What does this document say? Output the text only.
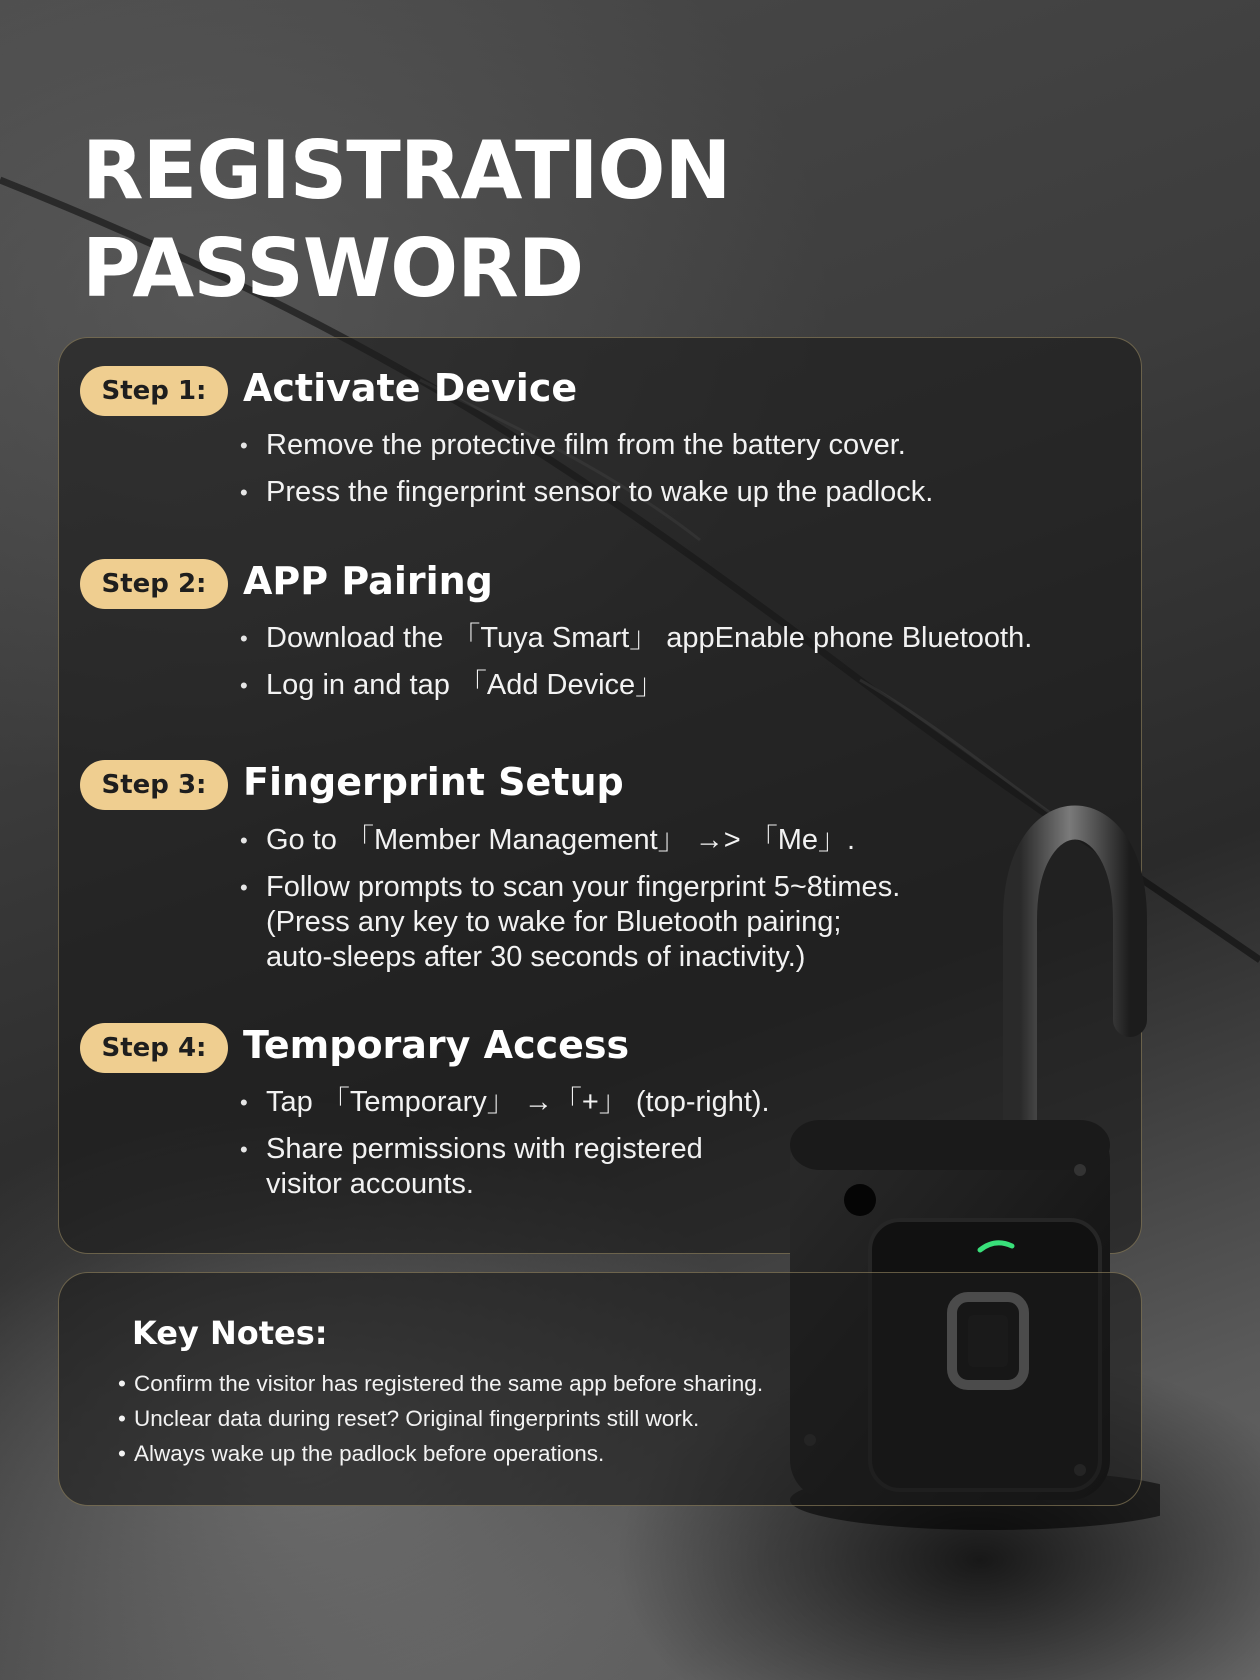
REGISTRATION
PASSWORD
Step 1: Activate Device
• Remove the protective film from the battery cover.
• Press the fingerprint sensor to wake up the padlock.
Step 2: APP Pairing
• Download the 「Tuya Smart」 appEnable phone Bluetooth.
• Log in and tap 「Add Device」
Step 3: Fingerprint Setup
• Go to 「Member Management」 →> 「Me」.
• Follow prompts to scan your fingerprint 5~8times.
(Press any key to wake for Bluetooth pairing;
auto-sleeps after 30 seconds of inactivity.)
Step 4: Temporary Access
• Tap 「Temporary」 →「+」 (top-right).
• Share permissions with registered
visitor accounts.
Key Notes:
• Confirm the visitor has registered the same app before sharing.
• Unclear data during reset? Original fingerprints still work.
• Always wake up the padlock before operations.
